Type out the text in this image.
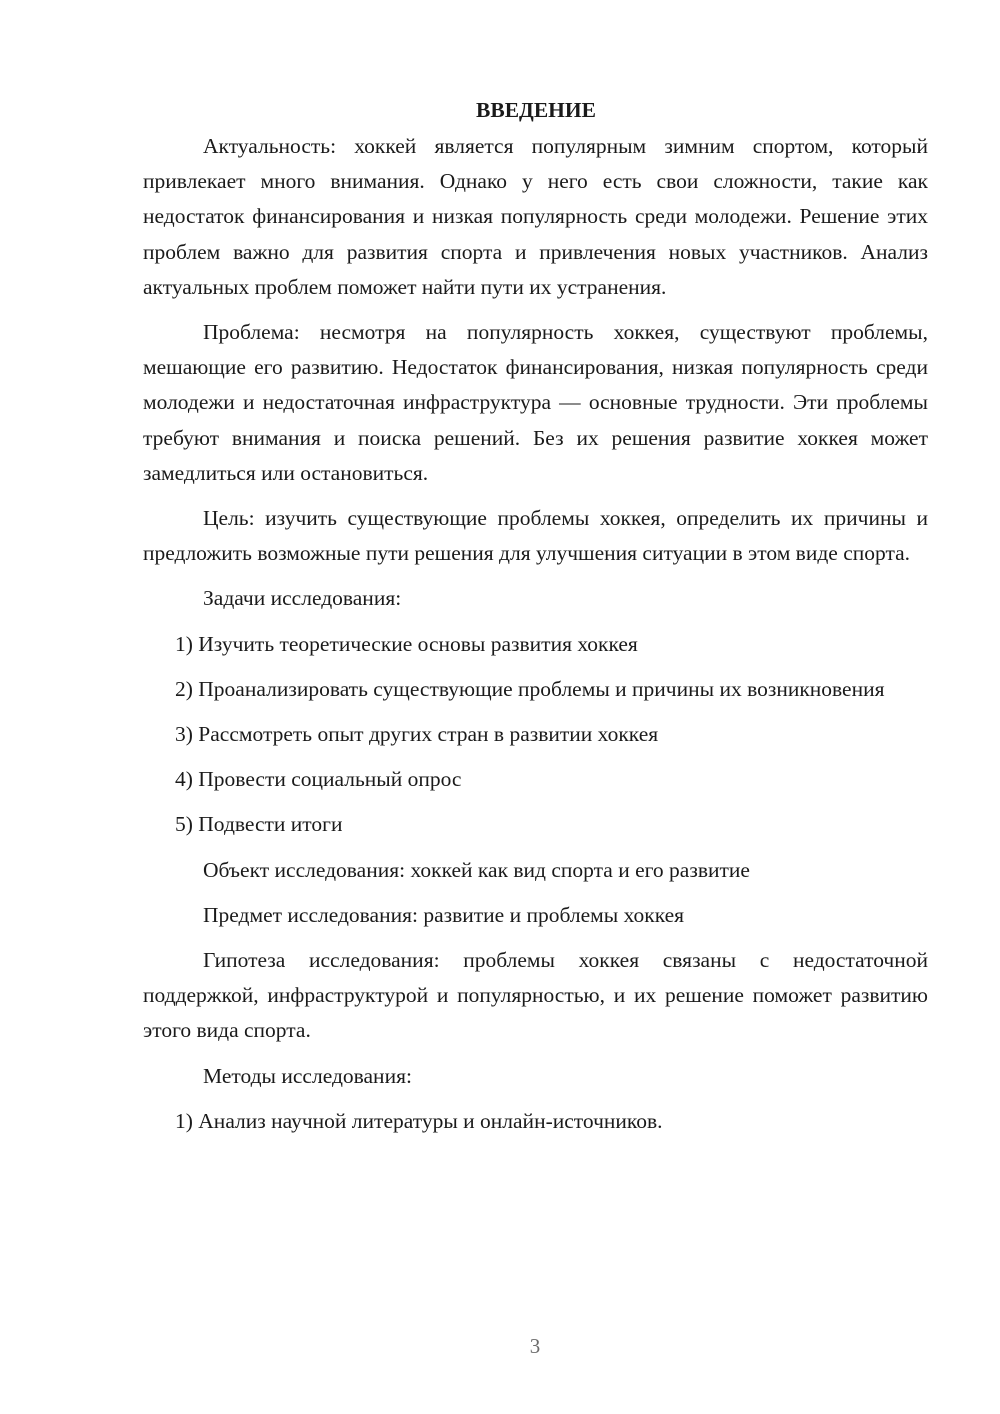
ВВЕДЕНИЕ

Актуальность: хоккей является популярным зимним спортом, который привлекает много внимания. Однако у него есть свои сложности, такие как недостаток финансирования и низкая популярность среди молодежи. Решение этих проблем важно для развития спорта и привлечения новых участников. Анализ актуальных проблем поможет найти пути их устранения.

Проблема: несмотря на популярность хоккея, существуют проблемы, мешающие его развитию. Недостаток финансирования, низкая популярность среди молодежи и недостаточная инфраструктура — основные трудности. Эти проблемы требуют внимания и поиска решений. Без их решения развитие хоккея может замедлиться или остановиться.

Цель: изучить существующие проблемы хоккея, определить их причины и предложить возможные пути решения для улучшения ситуации в этом виде спорта.

Задачи исследования:

1) Изучить теоретические основы развития хоккея

2) Проанализировать существующие проблемы и причины их возникновения

3) Рассмотреть опыт других стран в развитии хоккея

4) Провести социальный опрос

5) Подвести итоги

Объект исследования: хоккей как вид спорта и его развитие

Предмет исследования: развитие и проблемы хоккея

Гипотеза исследования: проблемы хоккея связаны с недостаточной поддержкой, инфраструктурой и популярностью, и их решение поможет развитию этого вида спорта.

Методы исследования:

1) Анализ научной литературы и онлайн-источников.

3
